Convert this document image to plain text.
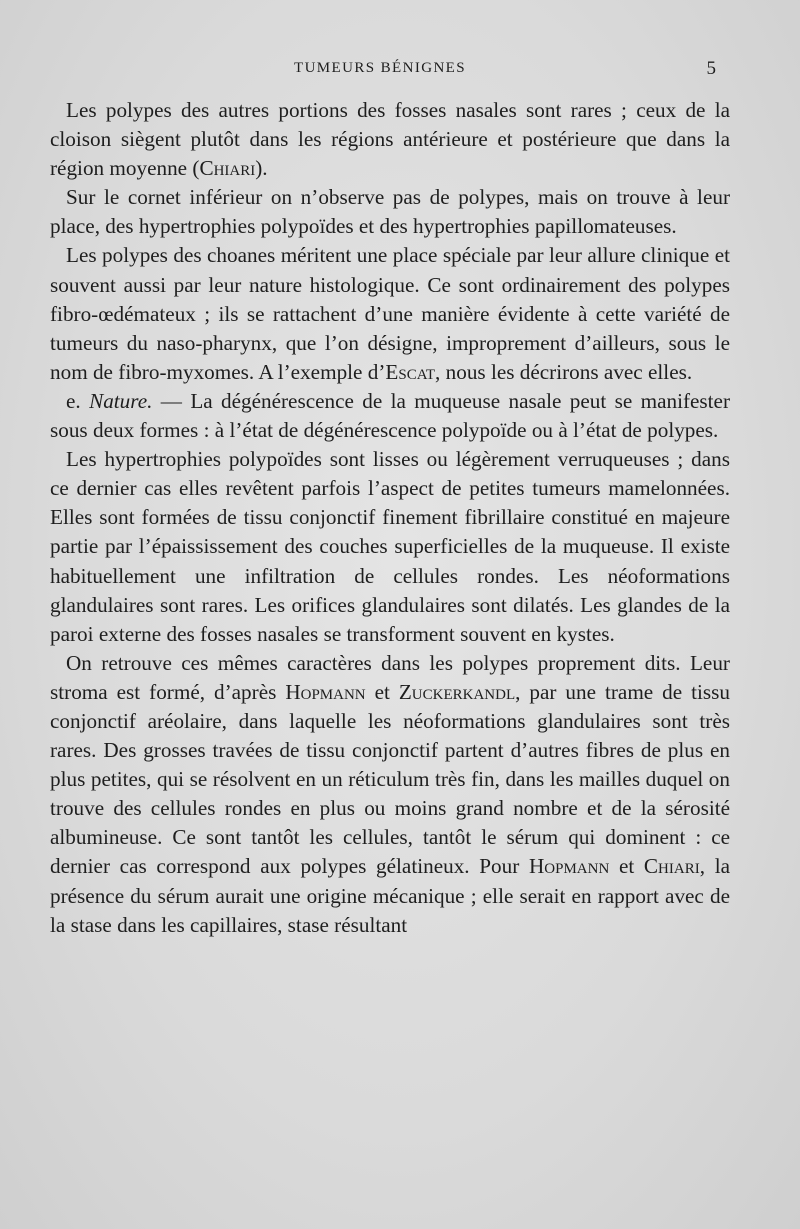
TUMEURS BÉNIGNES	5

Les polypes des autres portions des fosses nasales sont rares ; ceux de la cloison siègent plutôt dans les régions antérieure et postérieure que dans la région moyenne (Chiari).

Sur le cornet inférieur on n’observe pas de polypes, mais on trouve à leur place, des hypertrophies polypoïdes et des hypertrophies papillomateuses.

Les polypes des choanes méritent une place spéciale par leur allure clinique et souvent aussi par leur nature histologique. Ce sont ordinairement des polypes fibro-œdémateux ; ils se rattachent d’une manière évidente à cette variété de tumeurs du naso-pharynx, que l’on désigne, improprement d’ailleurs, sous le nom de fibro-myxomes. A l’exemple d’Escat, nous les décrirons avec elles.

e. Nature. — La dégénérescence de la muqueuse nasale peut se manifester sous deux formes : à l’état de dégénérescence polypoïde ou à l’état de polypes.

Les hypertrophies polypoïdes sont lisses ou légèrement verruqueuses ; dans ce dernier cas elles revêtent parfois l’aspect de petites tumeurs mamelonnées. Elles sont formées de tissu conjonctif finement fibrillaire constitué en majeure partie par l’épaississement des couches superficielles de la muqueuse. Il existe habituellement une infiltration de cellules rondes. Les néoformations glandulaires sont rares. Les orifices glandulaires sont dilatés. Les glandes de la paroi externe des fosses nasales se transforment souvent en kystes.

On retrouve ces mêmes caractères dans les polypes proprement dits. Leur stroma est formé, d’après Hopmann et Zuckerkandl, par une trame de tissu conjonctif aréolaire, dans laquelle les néoformations glandulaires sont très rares. Des grosses travées de tissu conjonctif partent d’autres fibres de plus en plus petites, qui se résolvent en un réticulum très fin, dans les mailles duquel on trouve des cellules rondes en plus ou moins grand nombre et de la sérosité albumineuse. Ce sont tantôt les cellules, tantôt le sérum qui dominent : ce dernier cas correspond aux polypes gélatineux. Pour Hopmann et Chiari, la présence du sérum aurait une origine mécanique ; elle serait en rapport avec de la stase dans les capillaires, stase résultant
